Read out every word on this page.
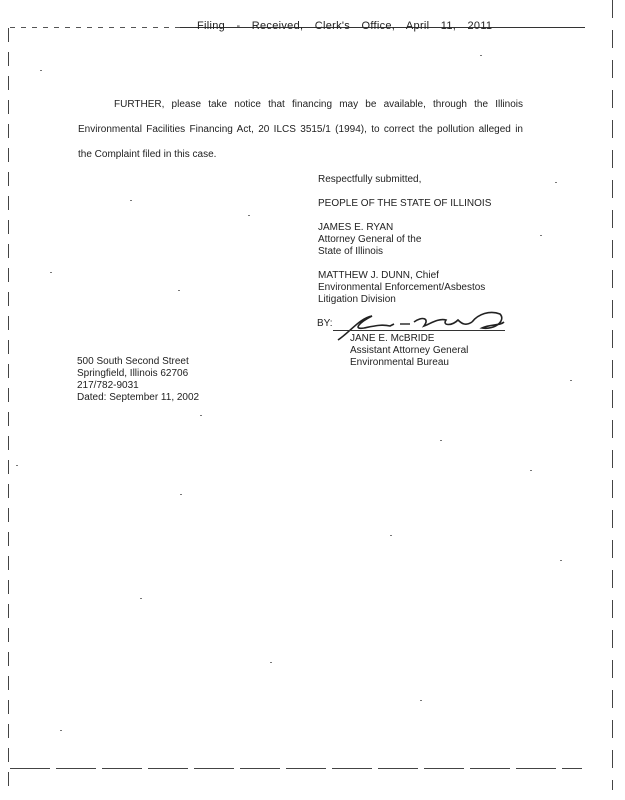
Filing - Received, Clerk's Office, April 11, 2011
FURTHER, please take notice that financing may be available, through the Illinois
Environmental Facilities Financing Act, 20 ILCS 3515/1 (1994), to correct the pollution alleged in
the Complaint filed in this case.
Respectfully submitted,
PEOPLE OF THE STATE OF ILLINOIS
JAMES E. RYAN
Attorney General of the
State of Illinois
MATTHEW J. DUNN, Chief
Environmental Enforcement/Asbestos
Litigation Division
BY:
JANE E. McBRIDE
Assistant Attorney General
Environmental Bureau
500 South Second Street
Springfield, Illinois 62706
217/782-9031
Dated: September 11, 2002
